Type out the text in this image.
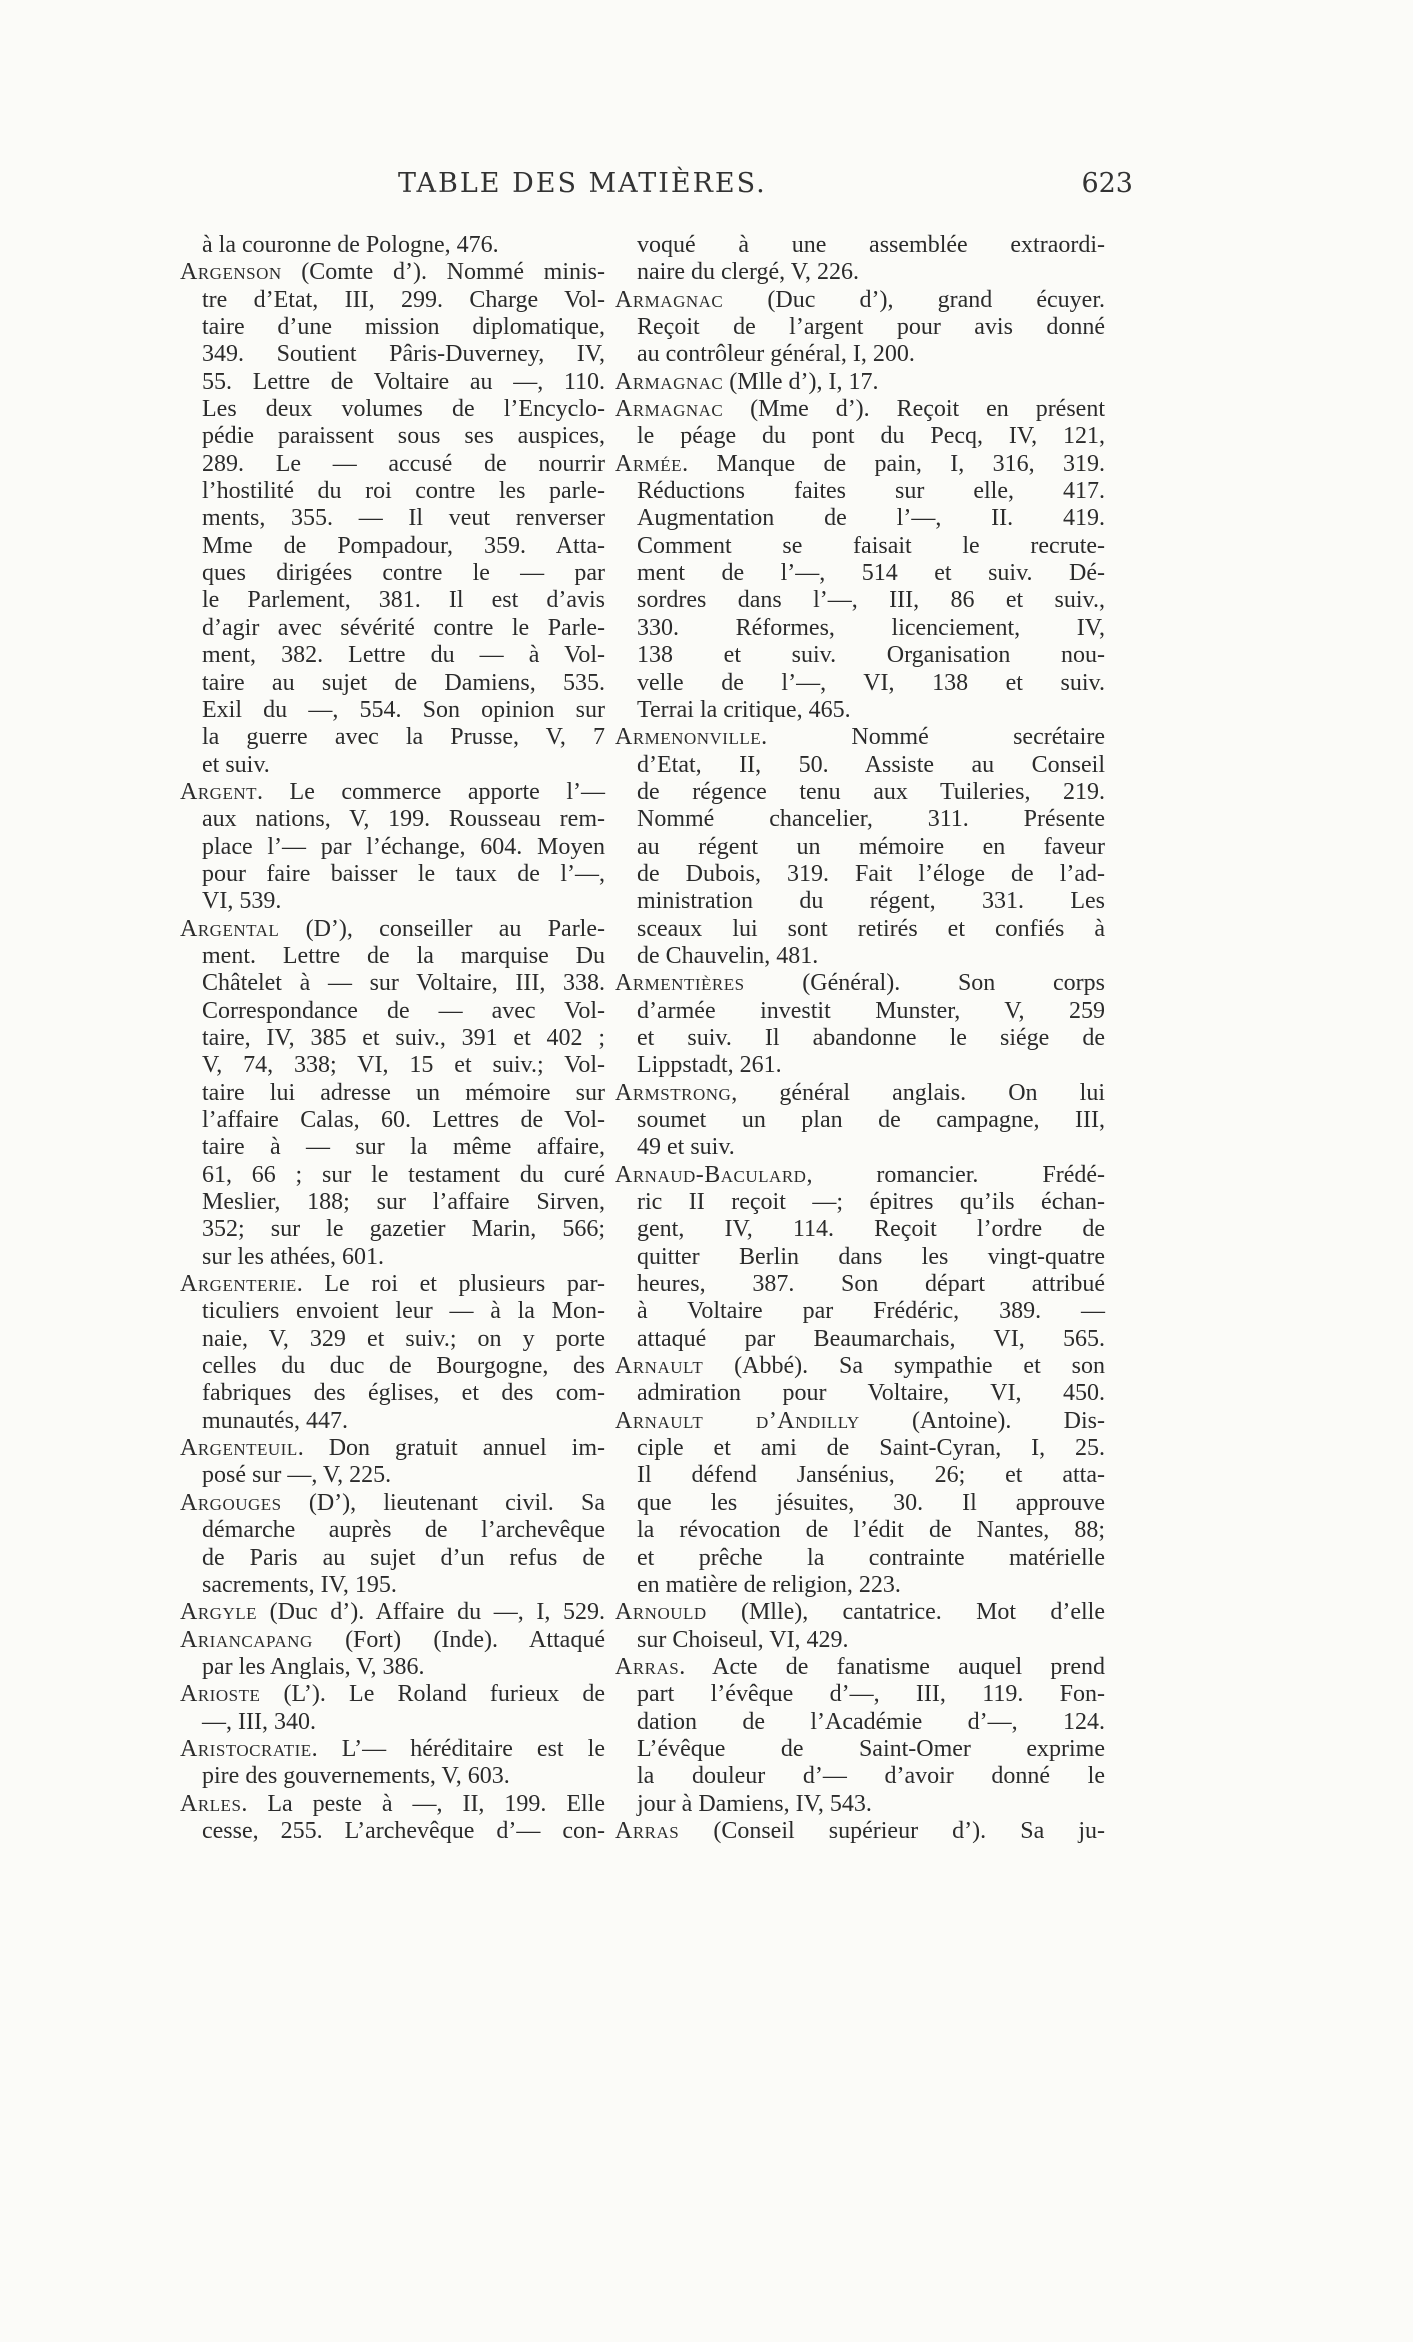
TABLE DES MATIÈRES.	623
à la couronne de Pologne, 476.
Argenson (Comte d’). Nommé minis-
tre d’Etat, III, 299. Charge Vol-
taire d’une mission diplomatique,
349. Soutient Pâris-Duverney, IV,
55. Lettre de Voltaire au —, 110.
Les deux volumes de l’Encyclo-
pédie paraissent sous ses auspices,
289. Le — accusé de nourrir
l’hostilité du roi contre les parle-
ments, 355. — Il veut renverser
Mme de Pompadour, 359. Atta-
ques dirigées contre le — par
le Parlement, 381. Il est d’avis
d’agir avec sévérité contre le Parle-
ment, 382. Lettre du — à Vol-
taire au sujet de Damiens, 535.
Exil du —, 554. Son opinion sur
la guerre avec la Prusse, V, 7
et suiv.
Argent. Le commerce apporte l’—
aux nations, V, 199. Rousseau rem-
place l’— par l’échange, 604. Moyen
pour faire baisser le taux de l’—,
VI, 539.
Argental (D’), conseiller au Parle-
ment. Lettre de la marquise Du
Châtelet à — sur Voltaire, III, 338.
Correspondance de — avec Vol-
taire, IV, 385 et suiv., 391 et 402 ;
V, 74, 338; VI, 15 et suiv.; Vol-
taire lui adresse un mémoire sur
l’affaire Calas, 60. Lettres de Vol-
taire à — sur la même affaire,
61, 66 ; sur le testament du curé
Meslier, 188; sur l’affaire Sirven,
352; sur le gazetier Marin, 566;
sur les athées, 601.
Argenterie. Le roi et plusieurs par-
ticuliers envoient leur — à la Mon-
naie, V, 329 et suiv.; on y porte
celles du duc de Bourgogne, des
fabriques des églises, et des com-
munautés, 447.
Argenteuil. Don gratuit annuel im-
posé sur —, V, 225.
Argouges (D’), lieutenant civil. Sa
démarche auprès de l’archevêque
de Paris au sujet d’un refus de
sacrements, IV, 195.
Argyle (Duc d’). Affaire du —, I, 529.
Ariancapang (Fort) (Inde). Attaqué
par les Anglais, V, 386.
Arioste (L’). Le Roland furieux de
—, III, 340.
Aristocratie. L’— héréditaire est le
pire des gouvernements, V, 603.
Arles. La peste à —, II, 199. Elle
cesse, 255. L’archevêque d’— con-
voqué à une assemblée extraordi-
naire du clergé, V, 226.
Armagnac (Duc d’), grand écuyer.
Reçoit de l’argent pour avis donné
au contrôleur général, I, 200.
Armagnac (Mlle d’), I, 17.
Armagnac (Mme d’). Reçoit en présent
le péage du pont du Pecq, IV, 121,
Armée. Manque de pain, I, 316, 319.
Réductions faites sur elle, 417.
Augmentation de l’—, II. 419.
Comment se faisait le recrute-
ment de l’—, 514 et suiv. Dé-
sordres dans l’—, III, 86 et suiv.,
330. Réformes, licenciement, IV,
138 et suiv. Organisation nou-
velle de l’—, VI, 138 et suiv.
Terrai la critique, 465.
Armenonville. Nommé secrétaire
d’Etat, II, 50. Assiste au Conseil
de régence tenu aux Tuileries, 219.
Nommé chancelier, 311. Présente
au régent un mémoire en faveur
de Dubois, 319. Fait l’éloge de l’ad-
ministration du régent, 331. Les
sceaux lui sont retirés et confiés à
de Chauvelin, 481.
Armentières (Général). Son corps
d’armée investit Munster, V, 259
et suiv. Il abandonne le siége de
Lippstadt, 261.
Armstrong, général anglais. On lui
soumet un plan de campagne, III,
49 et suiv.
Arnaud-Baculard, romancier. Frédé-
ric II reçoit —; épitres qu’ils échan-
gent, IV, 114. Reçoit l’ordre de
quitter Berlin dans les vingt-quatre
heures, 387. Son départ attribué
à Voltaire par Frédéric, 389. —
attaqué par Beaumarchais, VI, 565.
Arnault (Abbé). Sa sympathie et son
admiration pour Voltaire, VI, 450.
Arnault d’Andilly (Antoine). Dis-
ciple et ami de Saint-Cyran, I, 25.
Il défend Jansénius, 26; et atta-
que les jésuites, 30. Il approuve
la révocation de l’édit de Nantes, 88;
et prêche la contrainte matérielle
en matière de religion, 223.
Arnould (Mlle), cantatrice. Mot d’elle
sur Choiseul, VI, 429.
Arras. Acte de fanatisme auquel prend
part l’évêque d’—, III, 119. Fon-
dation de l’Académie d’—, 124.
L’évêque de Saint-Omer exprime
la douleur d’— d’avoir donné le
jour à Damiens, IV, 543.
Arras (Conseil supérieur d’). Sa ju-
